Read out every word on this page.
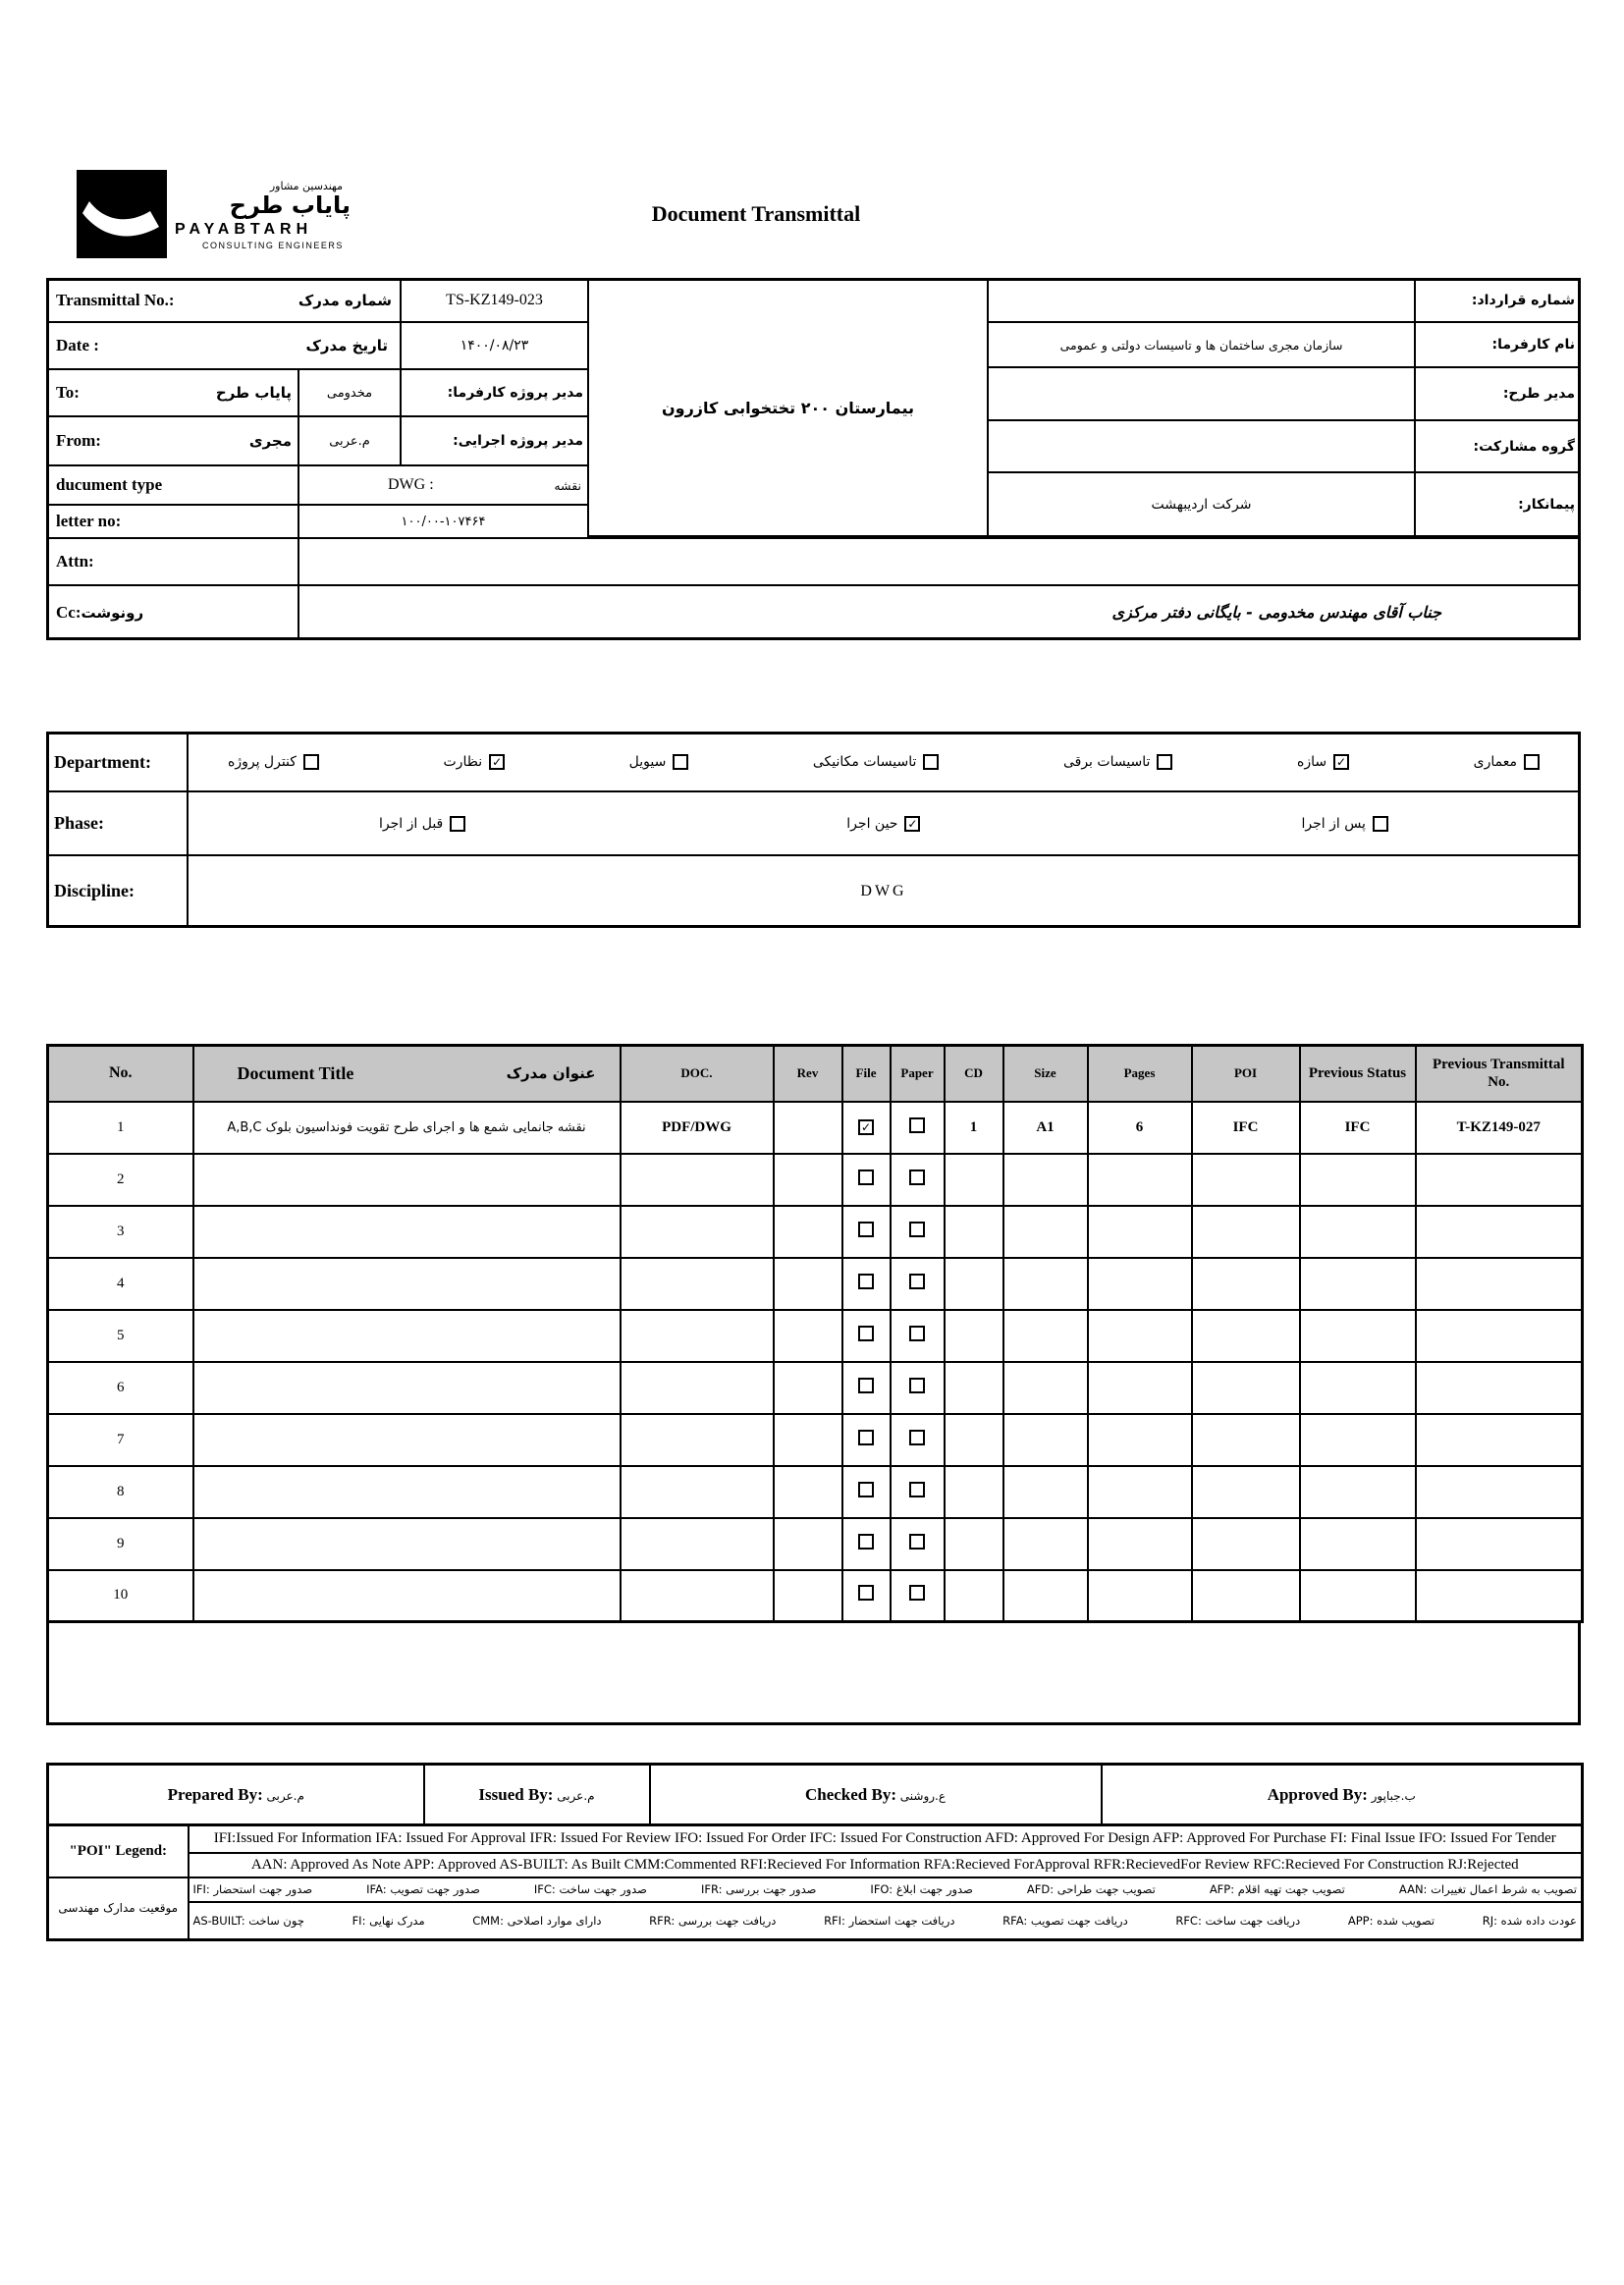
مهندسین مشاور
پایاب طرح
PAYABTARH
CONSULTING ENGINEERS
Document Transmittal
Transmittal No.:	شماره مدرک	TS-KZ149-023
Date :	تاریخ مدرک	۱۴۰۰/۰۸/۲۳
To:	پایاب طرح	مخدومی	مدیر پروژه کارفرما:
From:	مجری	م.عربی	مدیر پروژه اجرایی:
ducument type	DWG :	نقشه
letter no:	۱۰۰/۰۰-۱۰۷۴۶۴
Attn:
Cc:رونوشت	جناب آقای مهندس مخدومی - بایگانی دفتر مرکزی
بیمارستان ۲۰۰ تختخوابی کازرون
شماره قرارداد:
سازمان مجری ساختمان ها و تاسیسات دولتی و عمومی	نام کارفرما:
مدیر طرح:
گروه مشارکت:
شرکت اردیبهشت	پیمانکار:
Department:	کنترل پروژه	نظارت ✓	سیویل	تاسیسات مکانیکی	تاسیسات برقی	سازه ✓	معماری
Phase:	قبل از اجرا	حین اجرا ✓	پس از اجرا
Discipline:	DWG
No.	Document Title عنوان مدرک	DOC.	Rev	File	Paper	CD	Size	Pages	POI	Previous Status	Previous Transmittal No.
1	نقشه جانمایی شمع ها و اجرای طرح تقویت فونداسیون بلوک A,B,C	PDF/DWG		✓		1	A1	6	IFC	IFC	T-KZ149-027
2											
3											
4											
5											
6											
7											
8											
9											
10											
Prepared By: م.عربی	Issued By: م.عربی	Checked By: ع.روشنی	Approved By: ب.جباپور
"POI" Legend:	IFI:Issued For Information IFA: Issued For Approval IFR: Issued For Review IFO: Issued For Order IFC: Issued For Construction AFD: Approved For Design AFP: Approved For Purchase FI: Final Issue IFO: Issued For Tender
	AAN: Approved As Note APP: Approved AS-BUILT: As Built CMM:Commented RFI:Recieved For Information RFA:Recieved ForApproval RFR:RecievedFor Review RFC:Recieved For Construction RJ:Rejected
موقعیت مدارک مهندسی	
IFI: صدور جهت استحضار	IFA: صدور جهت تصویب	IFC: صدور جهت ساخت	IFR: صدور جهت بررسی	IFO: صدور جهت ابلاغ	AFD: تصویب جهت طراحی	AFP: تصویب جهت تهیه اقلام	AAN: تصویب به شرط اعمال تغییرات

AS-BUILT: چون ساخت	FI: مدرک نهایی	CMM: دارای موارد اصلاحی	RFR: دریافت جهت بررسی	RFI: دریافت جهت استحضار	RFA: دریافت جهت تصویب	RFC: دریافت جهت ساخت	APP: تصویب شده	RJ: عودت داده شده
